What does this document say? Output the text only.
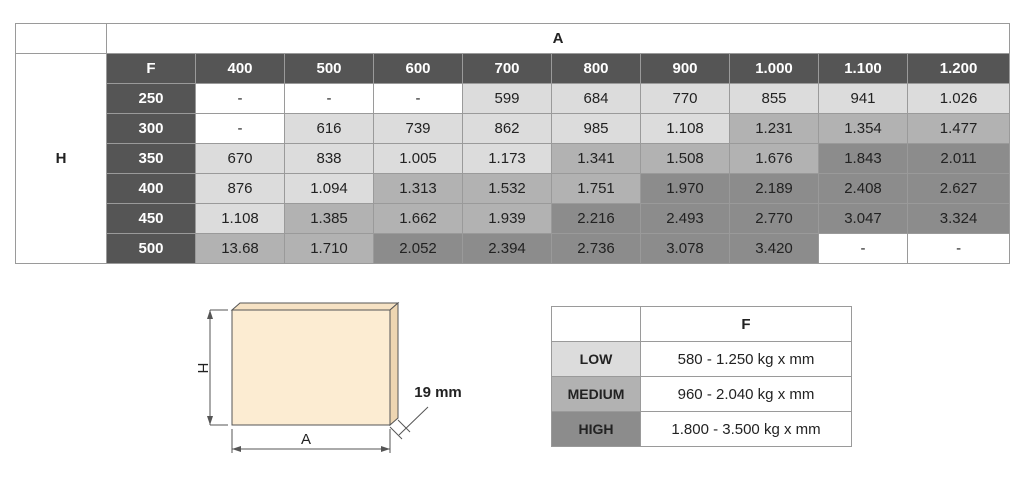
	A									
H	F	400	500	600	700	800	900	1.000	1.100	1.200
	250	-	-	-	599	684	770	855	941	1.026
	300	-	616	739	862	985	1.108	1.231	1.354	1.477
	350	670	838	1.005	1.173	1.341	1.508	1.676	1.843	2.011
	400	876	1.094	1.313	1.532	1.751	1.970	2.189	2.408	2.627
	450	1.108	1.385	1.662	1.939	2.216	2.493	2.770	3.047	3.324
	500	13.68	1.710	2.052	2.394	2.736	3.078	3.420	-	-
H
A
19 mm
	F
LOW	580 - 1.250 kg x mm
MEDIUM	960 - 2.040 kg x mm
HIGH	1.800 - 3.500 kg x mm
